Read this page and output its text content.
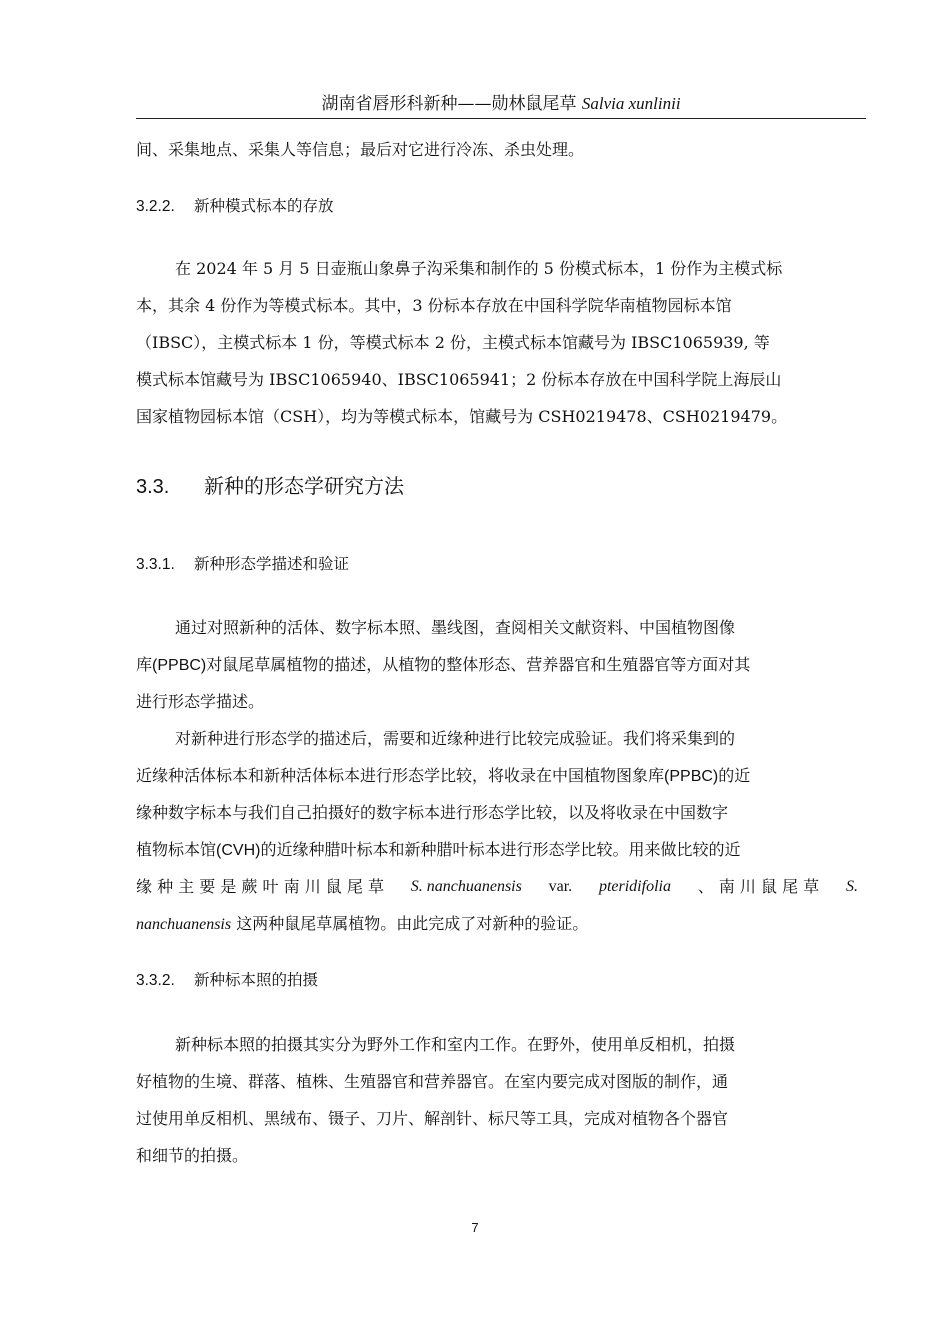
湖南省唇形科新种——勋林鼠尾草 Salvia xunlinii
间、采集地点、采集人等信息；最后对它进行冷冻、杀虫处理。
3.2.2. 新种模式标本的存放
在 2024 年 5 月 5 日壶瓶山象鼻子沟采集和制作的 5 份模式标本，1 份作为主模式标
本，其余 4 份作为等模式标本。其中，3 份标本存放在中国科学院华南植物园标本馆
（IBSC），主模式标本 1 份，等模式标本 2 份，主模式标本馆藏号为 IBSC1065939, 等
模式标本馆藏号为 IBSC1065940、IBSC1065941；2 份标本存放在中国科学院上海辰山
国家植物园标本馆（CSH），均为等模式标本，馆藏号为 CSH0219478、CSH0219479。
3.3. 新种的形态学研究方法
3.3.1. 新种形态学描述和验证
通过对照新种的活体、数字标本照、墨线图，查阅相关文献资料、中国植物图像
库(PPBC)对鼠尾草属植物的描述，从植物的整体形态、营养器官和生殖器官等方面对其
进行形态学描述。
对新种进行形态学的描述后，需要和近缘种进行比较完成验证。我们将采集到的
近缘种活体标本和新种活体标本进行形态学比较，将收录在中国植物图象库(PPBC)的近
缘种数字标本与我们自己拍摄好的数字标本进行形态学比较，以及将收录在中国数字
植物标本馆(CVH)的近缘种腊叶标本和新种腊叶标本进行形态学比较。用来做比较的近
缘 种 主 要 是 蕨 叶 南 川 鼠 尾 草 S. nanchuanensis var. pteridifolia 、 南 川 鼠 尾 草 S.
nanchuanensis 这两种鼠尾草属植物。由此完成了对新种的验证。
3.3.2. 新种标本照的拍摄
新种标本照的拍摄其实分为野外工作和室内工作。在野外，使用单反相机，拍摄
好植物的生境、群落、植株、生殖器官和营养器官。在室内要完成对图版的制作，通
过使用单反相机、黑绒布、镊子、刀片、解剖针、标尺等工具，完成对植物各个器官
和细节的拍摄。
7
